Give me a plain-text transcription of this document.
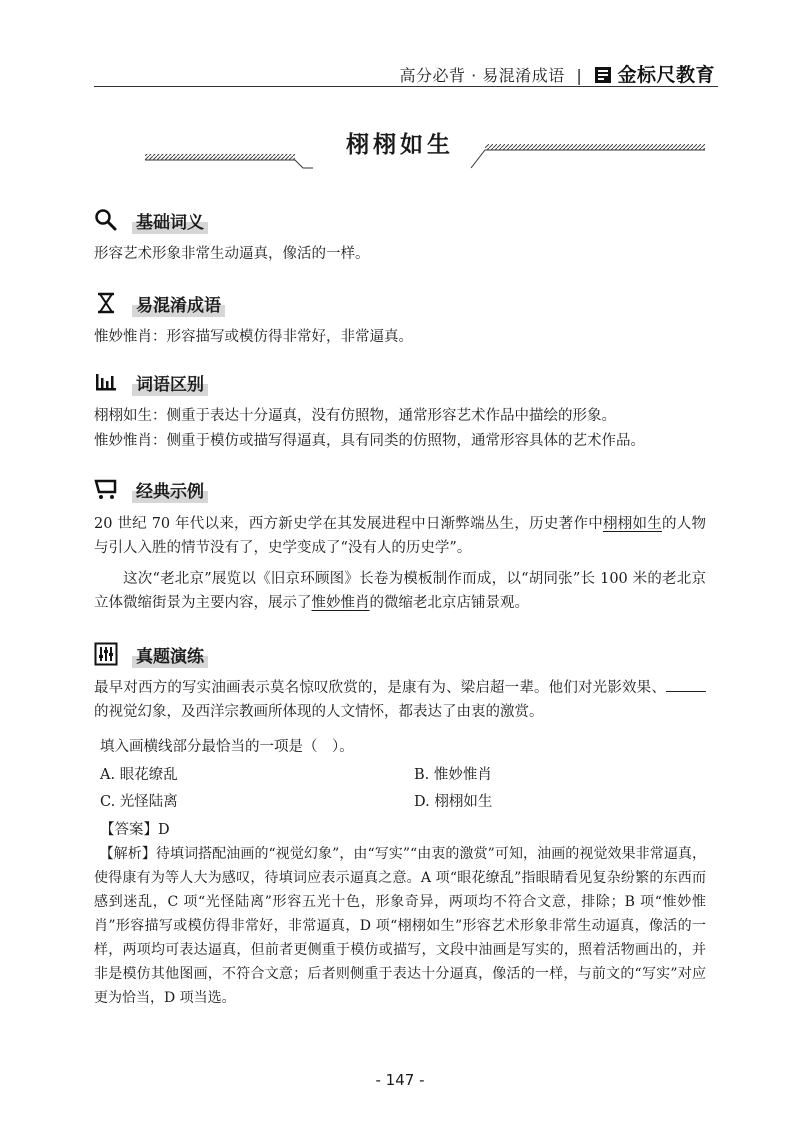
高分必背 · 易混淆成语 | 金标尺教育
栩栩如生
基础词义
形容艺术形象非常生动逼真，像活的一样。
易混淆成语
惟妙惟肖：形容描写或模仿得非常好，非常逼真。
词语区别
栩栩如生：侧重于表达十分逼真，没有仿照物，通常形容艺术作品中描绘的形象。
惟妙惟肖：侧重于模仿或描写得逼真，具有同类的仿照物，通常形容具体的艺术作品。
经典示例
20 世纪 70 年代以来，西方新史学在其发展进程中日渐弊端丛生，历史著作中栩栩如生的人物与引人入胜的情节没有了，史学变成了“没有人的历史学”。
这次“老北京”展览以《旧京环顾图》长卷为模板制作而成，以“胡同张”长 100 米的老北京立体微缩街景为主要内容，展示了惟妙惟肖的微缩老北京店铺景观。
真题演练
最早对西方的写实油画表示莫名惊叹欣赏的，是康有为、梁启超一辈。他们对光影效果、的视觉幻象，及西洋宗教画所体现的人文情怀，都表达了由衷的激赏。
填入画横线部分最恰当的一项是（　）。
A. 眼花缭乱	B. 惟妙惟肖
C. 光怪陆离	D. 栩栩如生
【答案】D
【解析】待填词搭配油画的“视觉幻象”，由“写实”“由衷的激赏”可知，油画的视觉效果非常逼真，使得康有为等人大为感叹，待填词应表示逼真之意。A 项“眼花缭乱”指眼睛看见复杂纷繁的东西而感到迷乱，C 项“光怪陆离”形容五光十色，形象奇异，两项均不符合文意，排除；B 项“惟妙惟肖”形容描写或模仿得非常好，非常逼真，D 项“栩栩如生”形容艺术形象非常生动逼真，像活的一样，两项均可表达逼真，但前者更侧重于模仿或描写，文段中油画是写实的，照着活物画出的，并非是模仿其他图画，不符合文意；后者则侧重于表达十分逼真，像活的一样，与前文的“写实”对应更为恰当，D 项当选。
- 147 -
